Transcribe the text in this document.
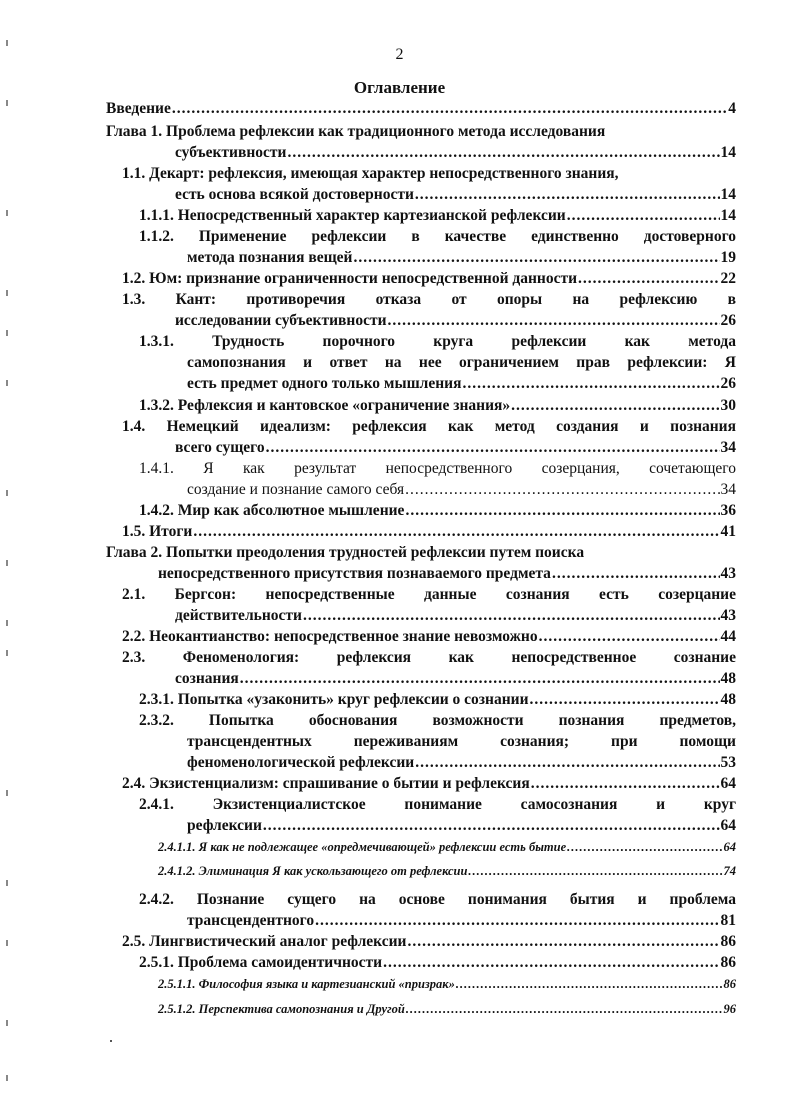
2
Оглавление
Введение .....	4
Глава 1. Проблема рефлексии как традиционного метода исследования
субъективности .....	14
1.1. Декарт: рефлексия, имеющая характер непосредственного знания,
есть основа всякой достоверности .....	14
1.1.1. Непосредственный характер картезианской рефлексии .....	14
1.1.2. Применение рефлексии в качестве единственно достоверного
метода познания вещей .....	19
1.2. Юм: признание ограниченности непосредственной данности .....	22
1.3. Кант: противоречия отказа от опоры на рефлексию в
исследовании субъективности .....	26
1.3.1. Трудность порочного круга рефлексии как метода
самопознания и ответ на нее ограничением прав рефлексии: Я
есть предмет одного только мышления .....	26
1.3.2. Рефлексия и кантовское «ограничение знания» .....	30
1.4. Немецкий идеализм: рефлексия как метод создания и познания
всего сущего .....	34
1.4.1. Я как результат непосредственного созерцания, сочетающего
создание и познание самого себя .....	34
1.4.2. Мир как абсолютное мышление .....	36
1.5. Итоги .....	41
Глава 2. Попытки преодоления трудностей рефлексии путем поиска
непосредственного присутствия познаваемого предмета .....	43
2.1. Бергсон: непосредственные данные сознания есть созерцание
действительности .....	43
2.2. Неокантианство: непосредственное знание невозможно .....	44
2.3. Феноменология: рефлексия как непосредственное сознание
сознания .....	48
2.3.1. Попытка «узаконить» круг рефлексии о сознании .....	48
2.3.2. Попытка обоснования возможности познания предметов,
трансцендентных переживаниям сознания; при помощи
феноменологической рефлексии .....	53
2.4. Экзистенциализм: спрашивание о бытии и рефлексия .....	64
2.4.1. Экзистенциалистское понимание самосознания и круг
рефлексии .....	64
2.4.1.1. Я как не подлежащее «опредмечивающей» рефлексии есть бытие .....	64
2.4.1.2. Элиминация Я как ускользающего от рефлексии .....	74
2.4.2. Познание сущего на основе понимания бытия и проблема
трансцендентного .....	81
2.5. Лингвистический аналог рефлексии .....	86
2.5.1. Проблема самоидентичности .....	86
2.5.1.1. Философия языка и картезианский «призрак» .....	86
2.5.1.2. Перспектива самопознания и Другой .....	96
